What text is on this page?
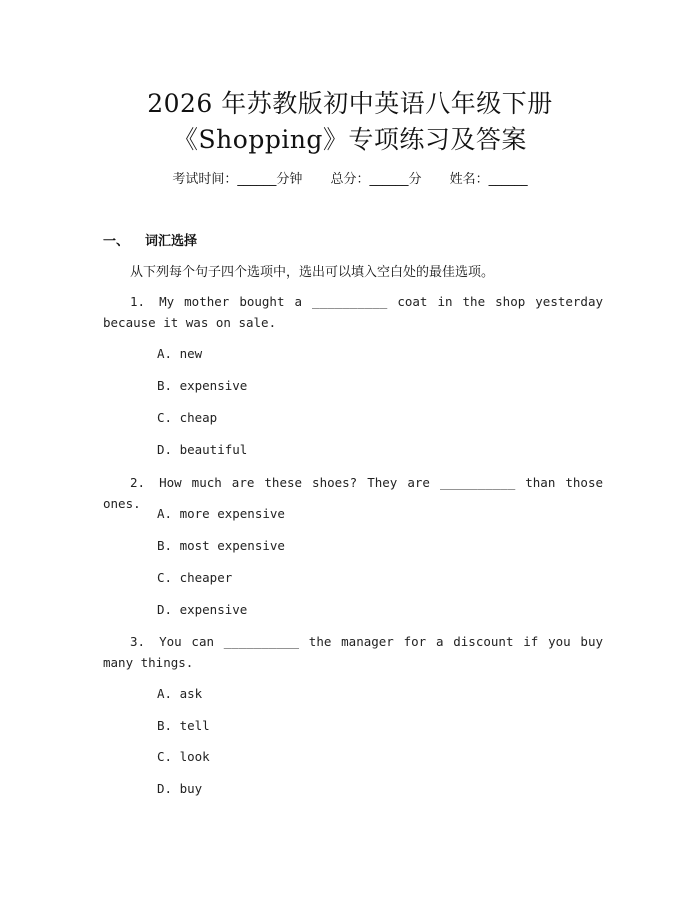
2026 年苏教版初中英语八年级下册
《Shopping》专项练习及答案
考试时间：______分钟 总分：______分 姓名：______
一、 词汇选择
从下列每个句子四个选项中，选出可以填入空白处的最佳选项。
1. My mother bought a __________ coat in the shop yesterday because it was on sale.
A. new
B. expensive
C. cheap
D. beautiful
2. How much are these shoes? They are __________ than those ones.
A. more expensive
B. most expensive
C. cheaper
D. expensive
3. You can __________ the manager for a discount if you buy many things.
A. ask
B. tell
C. look
D. buy
